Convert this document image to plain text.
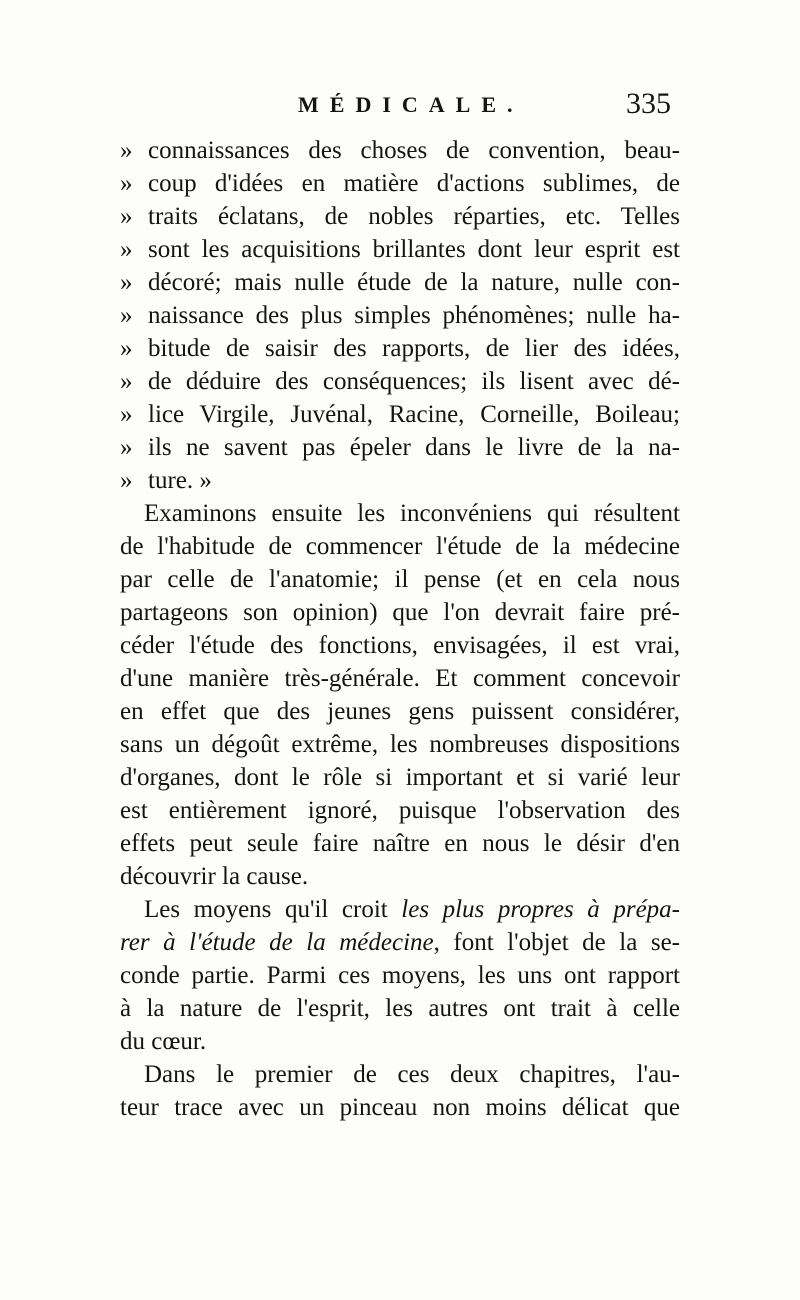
MÉDICALE.	335
» connaissances des choses de convention, beau-
» coup d'idées en matière d'actions sublimes, de
» traits éclatans, de nobles réparties, etc. Telles
» sont les acquisitions brillantes dont leur esprit est
» décoré; mais nulle étude de la nature, nulle con-
» naissance des plus simples phénomènes; nulle ha-
» bitude de saisir des rapports, de lier des idées,
» de déduire des conséquences; ils lisent avec dé-
» lice Virgile, Juvénal, Racine, Corneille, Boileau;
» ils ne savent pas épeler dans le livre de la na-
» ture. »
Examinons ensuite les inconvéniens qui résultent
de l'habitude de commencer l'étude de la médecine
par celle de l'anatomie; il pense (et en cela nous
partageons son opinion) que l'on devrait faire pré-
céder l'étude des fonctions, envisagées, il est vrai,
d'une manière très-générale. Et comment concevoir
en effet que des jeunes gens puissent considérer,
sans un dégoût extrême, les nombreuses dispositions
d'organes, dont le rôle si important et si varié leur
est entièrement ignoré, puisque l'observation des
effets peut seule faire naître en nous le désir d'en
découvrir la cause.
Les moyens qu'il croit les plus propres à prépa-
rer à l'étude de la médecine, font l'objet de la se-
conde partie. Parmi ces moyens, les uns ont rapport
à la nature de l'esprit, les autres ont trait à celle
du cœur.
Dans le premier de ces deux chapitres, l'au-
teur trace avec un pinceau non moins délicat que
